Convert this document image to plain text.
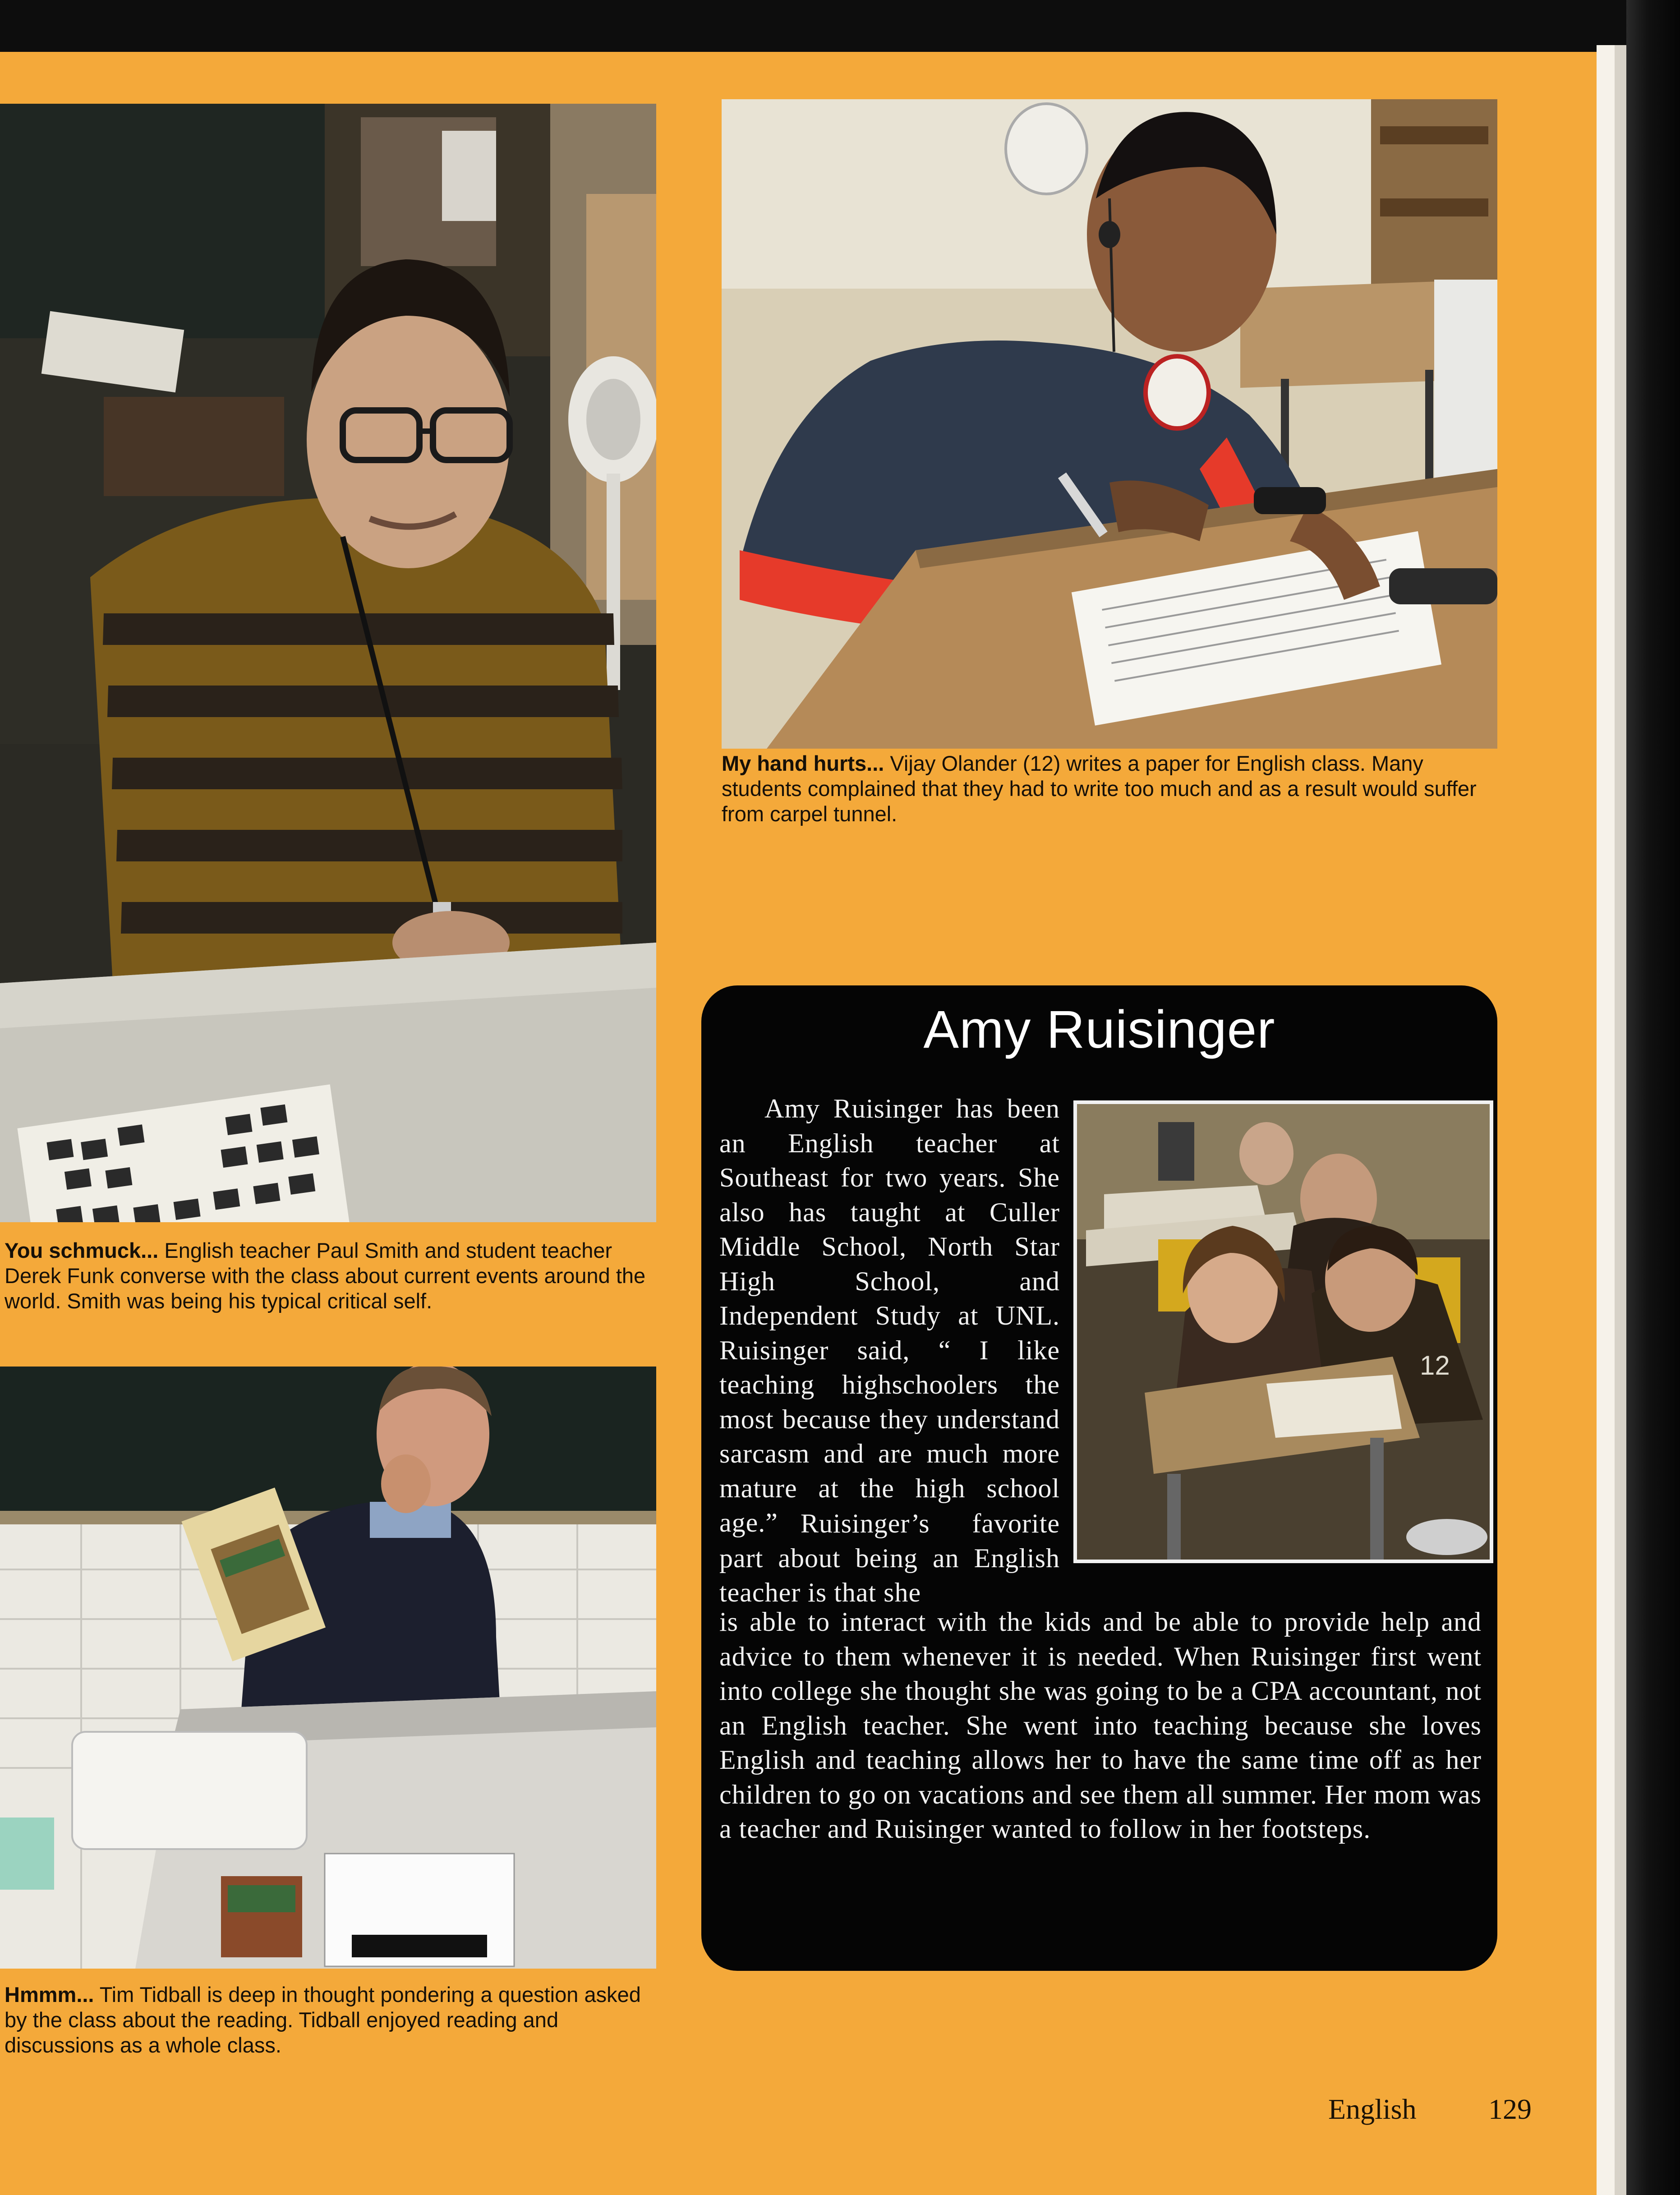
You schmuck... English teacher Paul Smith and student teacher Derek Funk converse with the class about current events around the world. Smith was being his typical critical self.
Hmmm... Tim Tidball is deep in thought pondering a question asked by the class about the reading. Tidball enjoyed reading and discussions as a whole class.
My hand hurts... Vijay Olander (12) writes a paper for English class. Many students complained that they had to write too much and as a result would suffer from carpel tunnel.
Amy Ruisinger
12
Amy Ruisinger has been an English teacher at Southeast for two years. She also has taught at Culler Middle School, North Star High School, and Independent Study at UNL. Ruisinger said, “ I like teaching highschoolers the most because they understand sarcasm and are much more mature at the high school age.” Ruisinger’s favorite part about being an English teacher is that she
is able to interact with the kids and be able to provide help and advice to them whenever it is needed. When Ruisinger first went into college she thought she was going to be a CPA accountant, not an English teacher. She went into teaching because she loves English and teaching allows her to have the same time off as her children to go on vacations and see them all summer. Her mom was a teacher and Ruisinger wanted to follow in her footsteps.
English 129
